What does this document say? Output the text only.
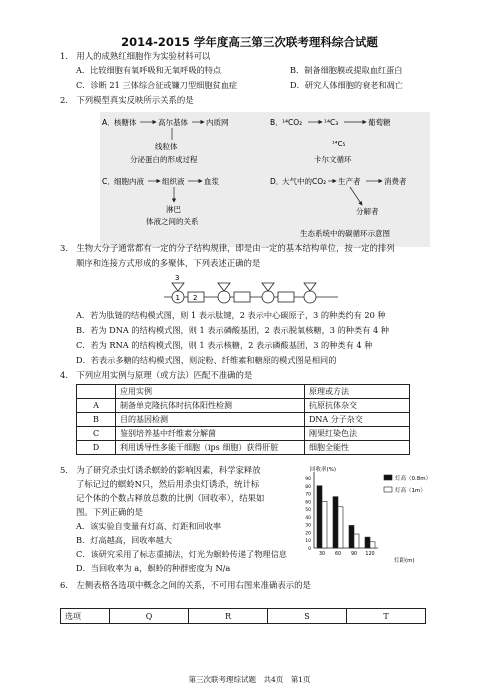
2014-2015 学年度高三第三次联考理科综合试题
1.　用人的成熟红细胞作为实验材料可以
A．比较细胞有氧呼吸和无氧呼吸的特点	B．制备细胞膜或提取血红蛋白
C．诊断 21 三体综合征或镰刀型细胞贫血症	D．研究人体细胞的衰老和凋亡
2.　下列模型真实反映所示关系的是
A． 核糖体	高尔基体 内质网
线粒体
分泌蛋白的形成过程
C． 细胞内液 组织液	血浆
淋巴
体液之间的关系
B． ¹⁴CO₂	¹⁴C₃	葡萄糖
¹⁴C₅
卡尔文循环
D．
大气中的CO₂ 生产者	消费者
分解者
生态系统中的碳循环示意图
3.　生物大分子通常都有一定的分子结构规律，即是由一定的基本结构单位，按一定的排列
顺序和连接方式形成的多聚体，下列表述正确的是
1 2
3
A．若为肽链的结构模式图，则 1 表示肽键，2 表示中心碳原子，3 的种类约有 20 种
B．若为 DNA 的结构模式图，则 1 表示磷酸基团，2 表示脱氧核糖，3 的种类有 4 种
C．若为 RNA 的结构模式图，则 1 表示核糖，2 表示磷酸基团，3 的种类有 4 种
D．若表示多糖的结构模式图，则淀粉、纤维素和糖原的模式图是相同的
4.　下列应用实例与原理（或方法）匹配不准确的是
	应用实例	原理或方法
A	制备单克隆抗体时抗体阳性检测	抗原抗体杂交
B	目的基因检测	DNA 分子杂交
C	鉴别培养基中纤维素分解菌	刚果红染色法
D	利用诱导性多能干细胞（ips 细胞）获得肝脏	细胞全能性
5.　为了研究杀虫灯诱杀螟蛉的影响因素，科学家释放
了标记过的螟蛉N只，然后用杀虫灯诱杀，统计标
记个体的个数占释放总数的比例（回收率），结果如
图。下列正确的是
A．该实验自变量有灯高、灯距和回收率
B．灯高越高，回收率越大
C．该研究采用了标志重捕法，灯光为螟蛉传递了物理信息
D．当回收率为 a，螟蛉的种群密度为 N/a
回收率(%)
0
10
20
30
40
50
60
70
80
90
30 60 90 120
灯距(m)
灯高（0.8m）
灯高（1m）
6.　左侧表格各选项中概念之间的关系，不可用右图来准确表示的是
选项	Q	R	S	T
第三次联考理综试题　共4页　第1页
